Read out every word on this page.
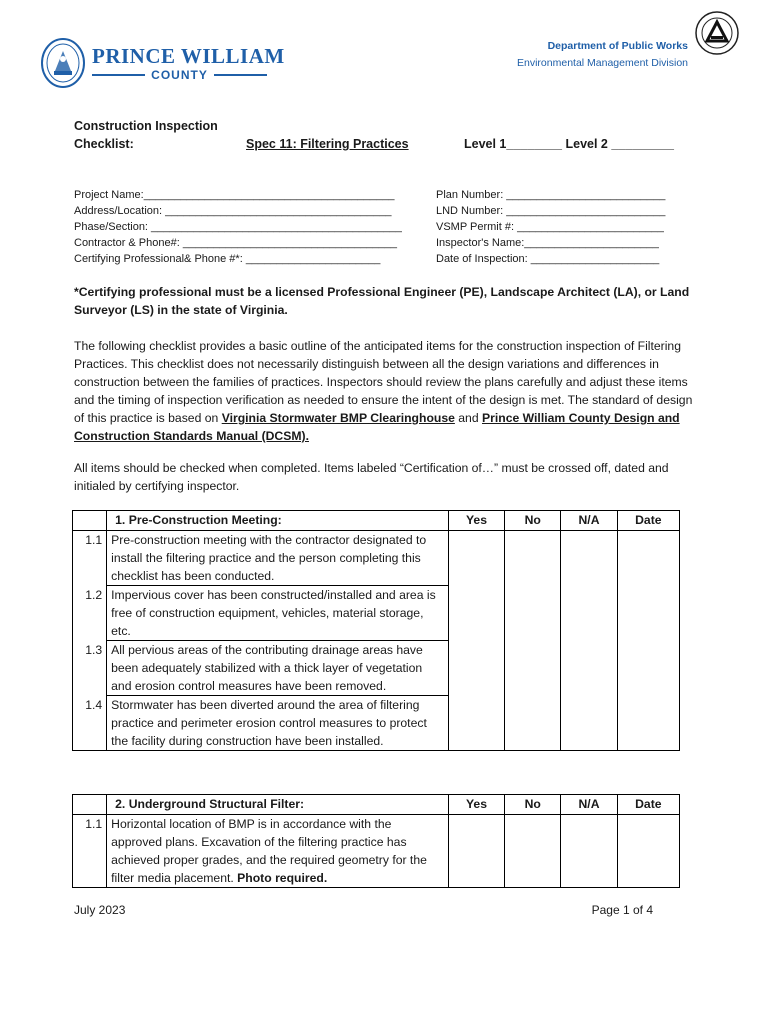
PRINCE WILLIAM
COUNTY
Department of Public Works
Environmental Management Division
Construction Inspection
Checklist:	Spec 11: Filtering Practices	Level 1________ Level 2 _________
Project Name:_________________________________________
Address/Location: _____________________________________
Phase/Section: _________________________________________
Contractor & Phone#: ___________________________________
Certifying Professional& Phone #*: ______________________
Plan Number: __________________________
LND Number: __________________________
VSMP Permit #: ________________________
Inspector's Name:______________________
Date of Inspection: _____________________
*Certifying professional must be a licensed Professional Engineer (PE), Landscape Architect (LA), or Land Surveyor (LS) in the state of Virginia.
The following checklist provides a basic outline of the anticipated items for the construction inspection of Filtering Practices. This checklist does not necessarily distinguish between all the design variations and differences in construction between the families of practices. Inspectors should review the plans carefully and adjust these items and the timing of inspection verification as needed to ensure the intent of the design is met. The standard of design of this practice is based on Virginia Stormwater BMP Clearinghouse and Prince William County Design and Construction Standards Manual (DCSM).
All items should be checked when completed. Items labeled “Certification of…” must be crossed off, dated and initialed by certifying inspector.
	1. Pre-Construction Meeting:	Yes	No	N/A	Date
1.1	Pre-construction meeting with the contractor designated to install the filtering practice and the person completing this checklist has been conducted.				
1.2	Impervious cover has been constructed/installed and area is free of construction equipment, vehicles, material storage, etc.				
1.3	All pervious areas of the contributing drainage areas have been adequately stabilized with a thick layer of vegetation and erosion control measures have been removed.				
1.4	Stormwater has been diverted around the area of filtering practice and perimeter erosion control measures to protect the facility during construction have been installed.				
	2. Underground Structural Filter:	Yes	No	N/A	Date
1.1	Horizontal location of BMP is in accordance with the approved plans. Excavation of the filtering practice has achieved proper grades, and the required geometry for the filter media placement. Photo required.				
July 2023	Page 1 of 4
